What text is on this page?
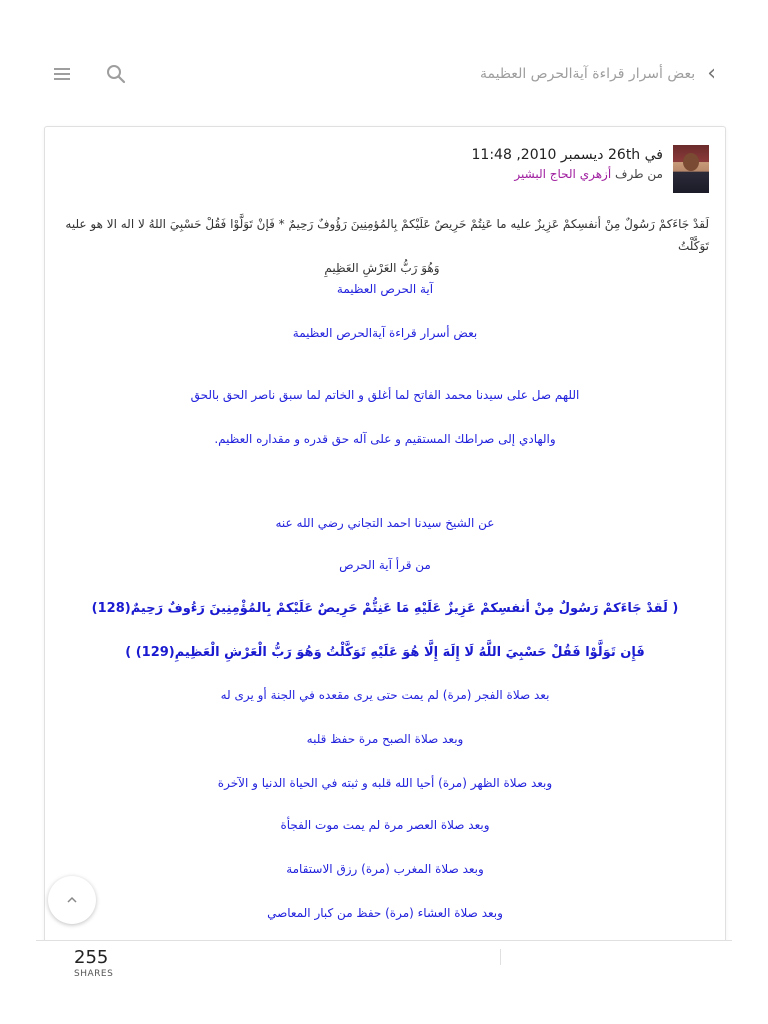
›
بعض أسرار قراءة آيةالحرص العظيمة
في 26th ديسمبر 2010, 11:48
من طرف أزهري الحاج البشير
لَقدْ جَاءَكمْ رَسُولٌ مِنْ أنفسِكمْ عَزِيزٌ عليه ما عَنِتُمْ حَرِيصٌ عَلَيْكمْ بِالمُؤمِنِينَ رَؤُوفٌ رَحِيمٌ * فَإنْ تَوَلَّوْا فَقُلْ حَسْبِيَ اللهُ لا اله الا هو عليه تَوَكَّلْتُ
وَهُوَ رَبُّ العَرْشِ العَظِيمِ
آية الحرص العظيمة
بعض أسرار قراءة آيةالحرص العظيمة
اللهم صل على سيدنا محمد الفاتح لما أغلق و الخاتم لما سبق ناصر الحق بالحق
والهادي إلى صراطك المستقيم و على آله حق قدره و مقداره العظيم.
عن الشيخ سيدنا احمد التجاني رضي الله عنه
من قرأ آية الحرص
( لَقدْ جَاءَكمْ رَسُولٌ مِنْ أنفسِكمْ عَزِيزٌ عَلَيْهِ مَا عَنِتُّمْ حَرِيصٌ عَلَيْكمْ بِالمُؤْمِنِينَ رَءُوفٌ رَحِيمٌ(128)
فَإِن تَوَلَّوْا فَقُلْ حَسْبِيَ اللَّهُ لَا إِلَهَ إِلَّا هُوَ عَلَيْهِ تَوَكَّلْتُ وَهُوَ رَبُّ الْعَرْشِ الْعَظِيمِ(129) )
بعد صلاة الفجر (مرة) لم يمت حتى يرى مقعده في الجنة أو يرى له
وبعد صلاة الصبح مرة حفظ قلبه
وبعد صلاة الظهر (مرة) أحيا الله قلبه و ثبته في الحياة الدنيا و الآخرة
وبعد صلاة العصر مرة لم يمت موت الفجأة
وبعد صلاة المغرب (مرة) رزق الاستقامة
وبعد صلاة العشاء (مرة) حفظ من كبار المعاصي
255
SHARES
